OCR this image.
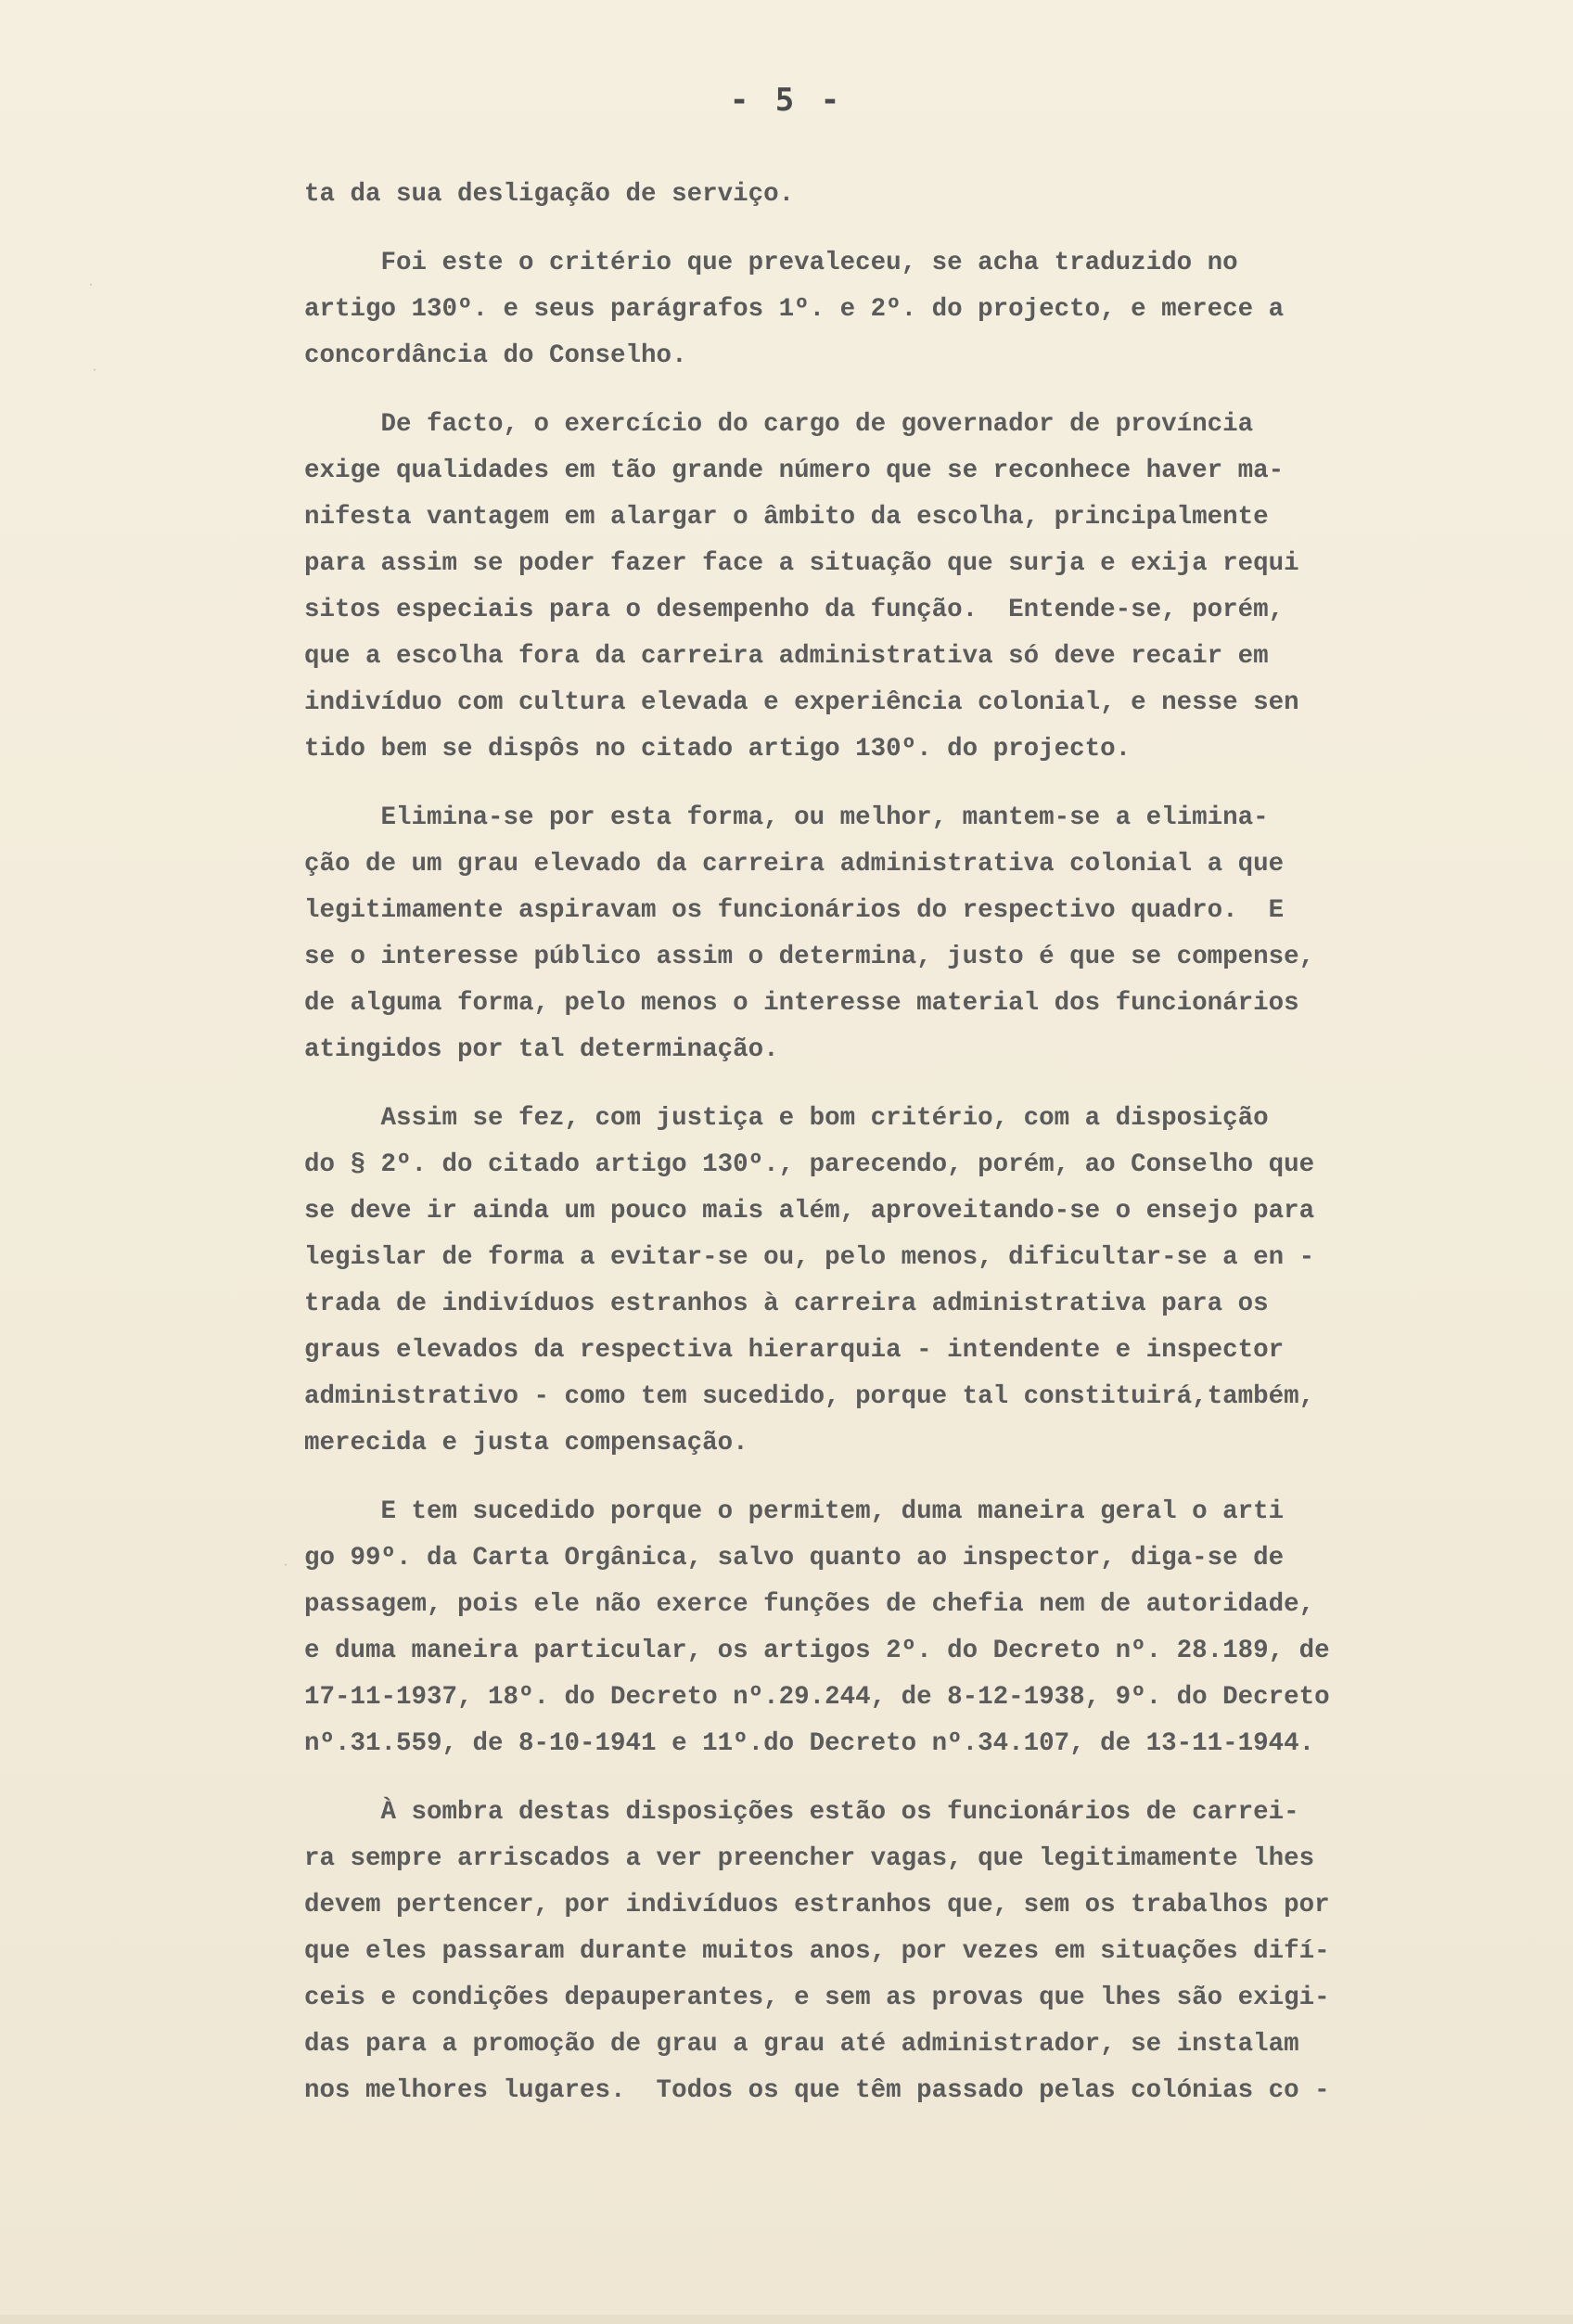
- 5 -
·
·
·
ta da sua desligação de serviço.
Foi este o critério que prevaleceu, se acha traduzido no
artigo 130º. e seus parágrafos 1º. e 2º. do projecto, e merece a
concordância do Conselho.
De facto, o exercício do cargo de governador de província
exige qualidades em tão grande número que se reconhece haver ma-
nifesta vantagem em alargar o âmbito da escolha, principalmente
para assim se poder fazer face a situação que surja e exija requi
sitos especiais para o desempenho da função.  Entende-se, porém,
que a escolha fora da carreira administrativa só deve recair em
indivíduo com cultura elevada e experiência colonial, e nesse sen
tido bem se dispôs no citado artigo 130º. do projecto.
Elimina-se por esta forma, ou melhor, mantem-se a elimina-
ção de um grau elevado da carreira administrativa colonial a que
legitimamente aspiravam os funcionários do respectivo quadro.  E
se o interesse público assim o determina, justo é que se compense,
de alguma forma, pelo menos o interesse material dos funcionários
atingidos por tal determinação.
Assim se fez, com justiça e bom critério, com a disposição
do § 2º. do citado artigo 130º., parecendo, porém, ao Conselho que
se deve ir ainda um pouco mais além, aproveitando-se o ensejo para
legislar de forma a evitar-se ou, pelo menos, dificultar-se a en -
trada de indivíduos estranhos à carreira administrativa para os
graus elevados da respectiva hierarquia - intendente e inspector
administrativo - como tem sucedido, porque tal constituirá,também,
merecida e justa compensação.
E tem sucedido porque o permitem, duma maneira geral o arti
go 99º. da Carta Orgânica, salvo quanto ao inspector, diga-se de
passagem, pois ele não exerce funções de chefia nem de autoridade,
e duma maneira particular, os artigos 2º. do Decreto nº. 28.189, de
17-11-1937, 18º. do Decreto nº.29.244, de 8-12-1938, 9º. do Decreto
nº.31.559, de 8-10-1941 e 11º.do Decreto nº.34.107, de 13-11-1944.
À sombra destas disposições estão os funcionários de carrei-
ra sempre arriscados a ver preencher vagas, que legitimamente lhes
devem pertencer, por indivíduos estranhos que, sem os trabalhos por
que eles passaram durante muitos anos, por vezes em situações difí-
ceis e condições depauperantes, e sem as provas que lhes são exigi-
das para a promoção de grau a grau até administrador, se instalam
nos melhores lugares.  Todos os que têm passado pelas colónias co -
